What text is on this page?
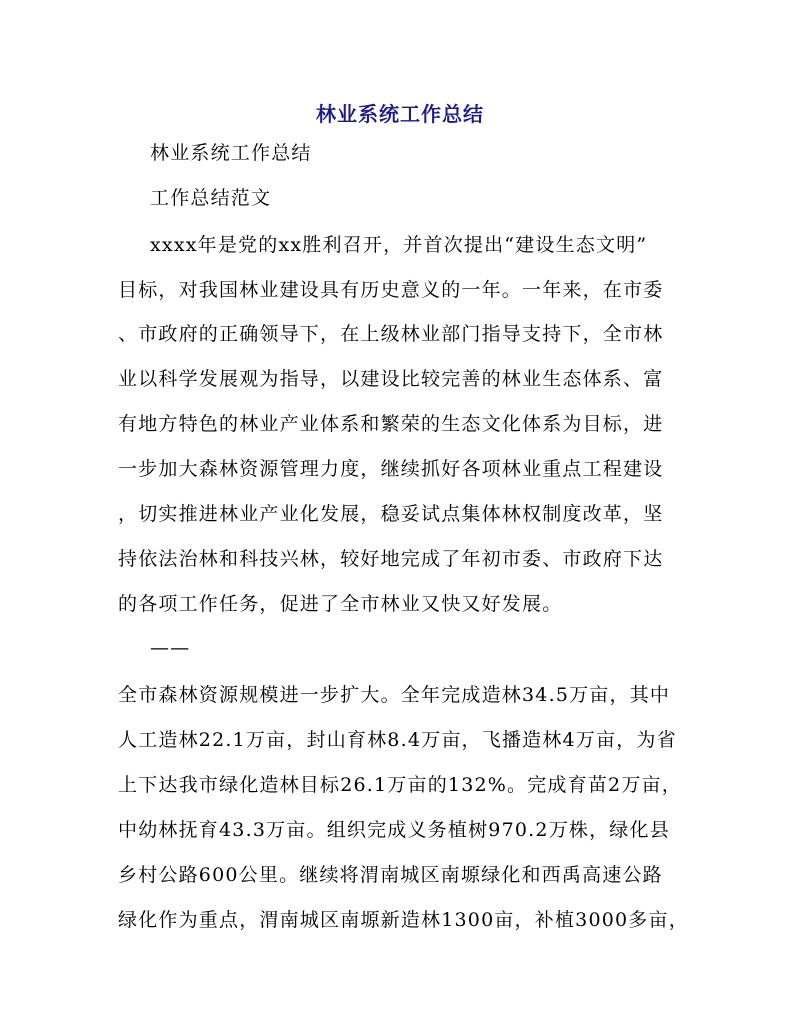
林业系统工作总结
林业系统工作总结
工作总结范文
xxxx年是党的xx胜利召开，并首次提出“建设生态文明”
目标，对我国林业建设具有历史意义的一年。一年来，在市委
、市政府的正确领导下，在上级林业部门指导支持下，全市林
业以科学发展观为指导，以建设比较完善的林业生态体系、富
有地方特色的林业产业体系和繁荣的生态文化体系为目标，进
一步加大森林资源管理力度，继续抓好各项林业重点工程建设
，切实推进林业产业化发展，稳妥试点集体林权制度改革，坚
持依法治林和科技兴林，较好地完成了年初市委、市政府下达
的各项工作任务，促进了全市林业又快又好发展。
——
全市森林资源规模进一步扩大。全年完成造林34.5万亩，其中
人工造林22.1万亩，封山育林8.4万亩，飞播造林4万亩，为省
上下达我市绿化造林目标26.1万亩的132%。完成育苗2万亩，
中幼林抚育43.3万亩。组织完成义务植树970.2万株，绿化县
乡村公路600公里。继续将渭南城区南塬绿化和西禹高速公路
绿化作为重点，渭南城区南塬新造林1300亩，补植3000多亩，
